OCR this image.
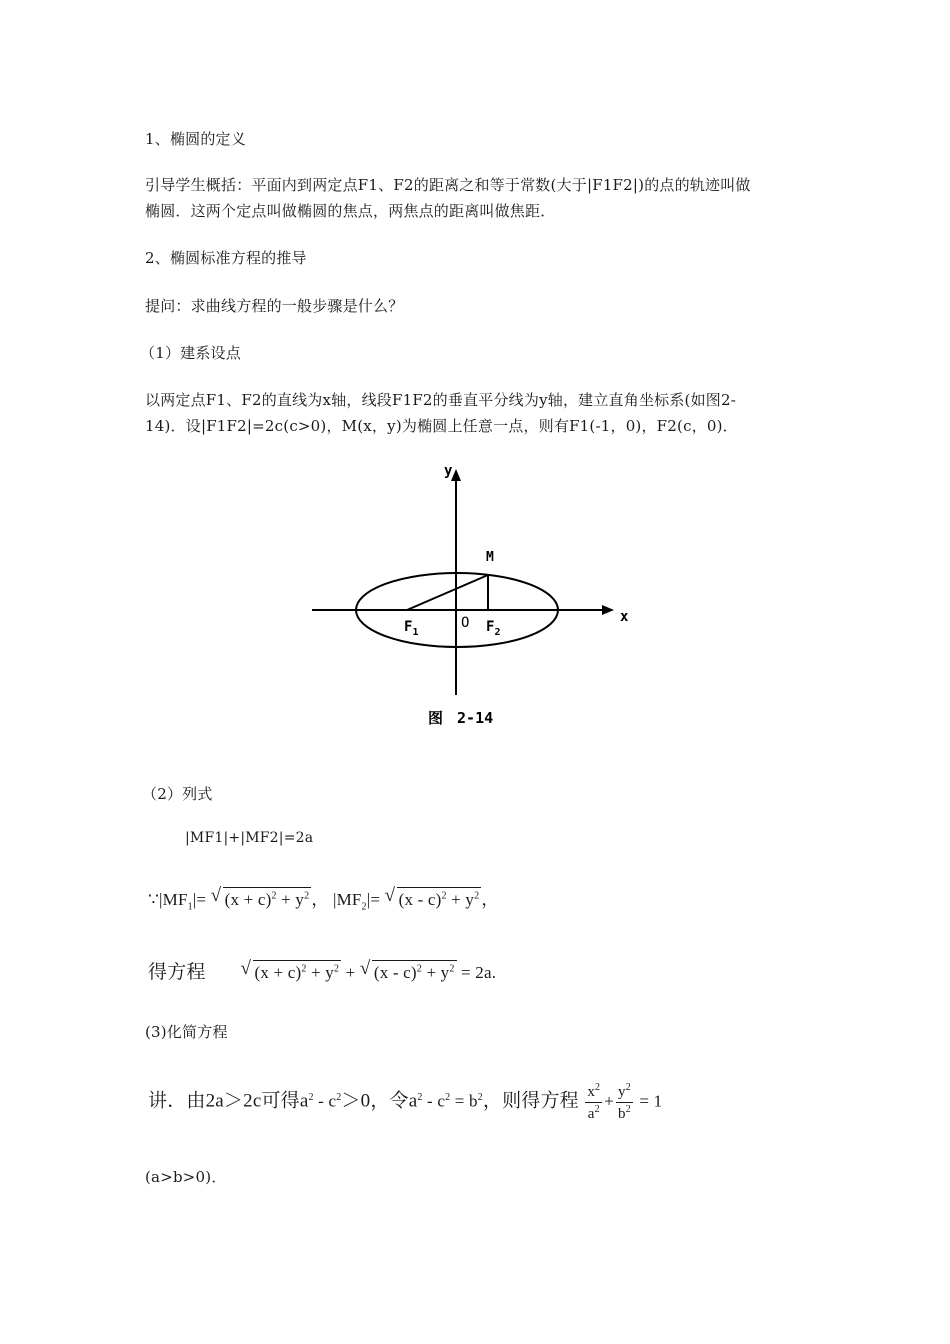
1、椭圆的定义
引导学生概括：平面内到两定点F1、F2的距离之和等于常数(大于|F1F2|)的点的轨迹叫做
椭圆．这两个定点叫做椭圆的焦点，两焦点的距离叫做焦距．
2、椭圆标准方程的推导
提问：求曲线方程的一般步骤是什么？
（1）建系设点
以两定点F1、F2的直线为x轴，线段F1F2的垂直平分线为y轴，建立直角坐标系(如图2-
14)．设|F1F2|=2c(c>0)，M(x，y)为椭圆上任意一点，则有F1(-1，0)，F2(c，0)．
y
x
M
$F_1$
O $F_2$
图 2-14
（2）列式
|MF1|+|MF2|=2a
$\because|MF_1|=$ √ $(x + c)^2 + y^2$ ， $|MF_2|=$ √ $(x - c)^2 + y^2$ ，
得方程  √	$(x + c)^2 + y^2$ + √ $(x - c)^2 + y^2 = 2a$.
(3)化简方程
讲．由2a＞2c可得$a^2 - c^2>0$，令$a^2 - c^2 = b^2$，则得方程 $\frac{x^2}{a^2} + \frac{y^2}{b^2} = 1$
(a>b>0)．
